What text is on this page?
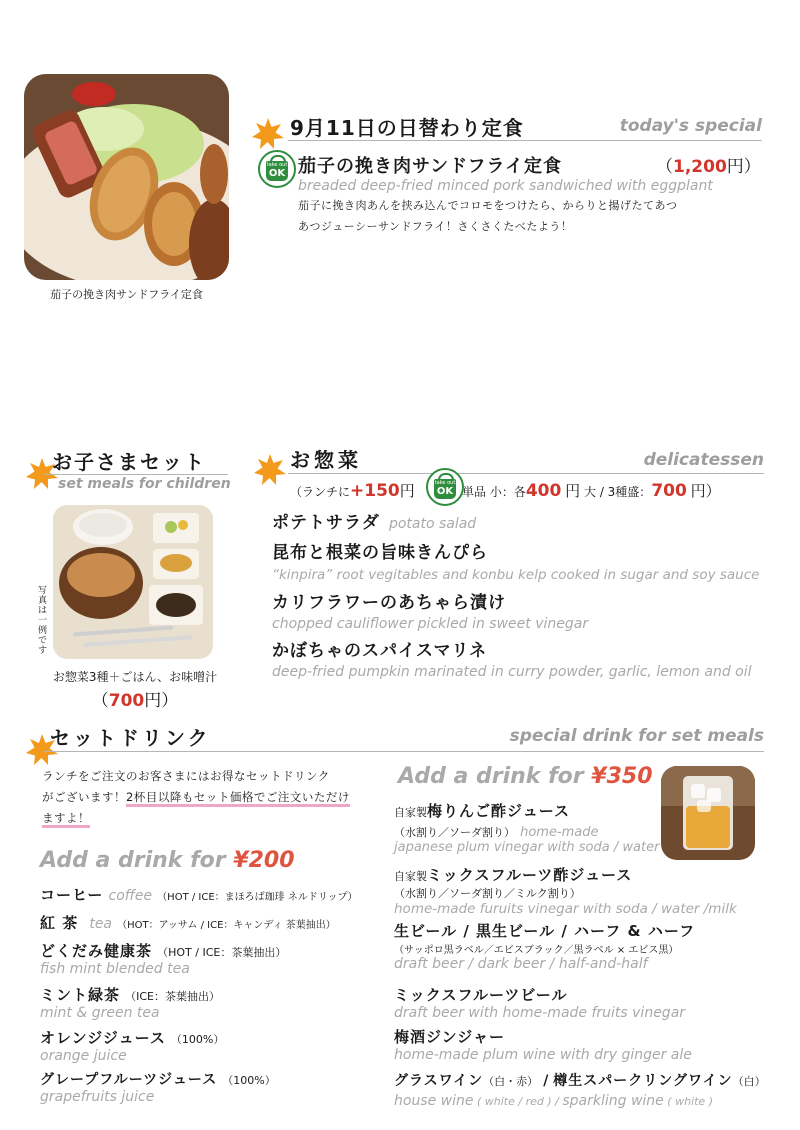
茄子の挽き肉サンドフライ定食
9月11日の日替わり定食	today's special
take out
OK 茄子の挽き肉サンドフライ定食	（1,200円）
breaded deep-fried minced pork sandwiched with eggplant
茄子に挽き肉あんを挟み込んでコロモをつけたら、からりと揚げたてあつ
あつジューシーサンドフライ！さくさくたべたよう！
お子さまセット
set meals for children
写真は一例です
お惣菜3種＋ごはん、お味噌汁
（700円）
お惣菜	delicatessen
（ランチに+150円	take out
OK 単品 小：各400 円 大 / 3種盛：700 円）
ポテトサラダ potato salad
昆布と根菜の旨味きんぴら
“kinpira” root vegitables and konbu kelp cooked in sugar and soy sauce
カリフラワーのあちゃら漬け
chopped cauliflower pickled in sweet vinegar
かぼちゃのスパイスマリネ
deep-fried pumpkin marinated in curry powder, garlic, lemon and oil
セットドリンク	special drink for set meals
ランチをご注文のお客さまにはお得なセットドリンク
がございます！2杯目以降もセット価格でご注文いただけ
ますよ！
Add a drink for ¥200
コーヒー coffee （HOT / ICE：まほろば珈琲 ネルドリップ）
紅 茶 tea （HOT：アッサム / ICE：キャンディ 茶葉抽出）
どくだみ健康茶 （HOT / ICE：茶葉抽出）
fish mint blended tea
ミント緑茶 （ICE：茶葉抽出）
mint & green tea
オレンジジュース （100%）
orange juice
グレープフルーツジュース （100%）
grapefruits juice
Add a drink for ¥350
自家製梅りんご酢ジュース
（水割り／ソーダ割り） home-made
japanese plum vinegar with soda / water
自家製ミックスフルーツ酢ジュース
（水割り／ソーダ割り／ミルク割り）
home-made furuits vinegar with soda / water /milk
生ビール / 黒生ビール / ハーフ & ハーフ
（サッポロ黒ラベル／エビスブラック／黒ラベル × エビス黒）
draft beer / dark beer / half-and-half
ミックスフルーツビール
draft beer with home-made fruits vinegar
梅酒ジンジャー
home-made plum wine with dry ginger ale
グラスワイン（白・赤） / 樽生スパークリングワイン（白）
house wine ( white / red ) / sparkling wine ( white )
